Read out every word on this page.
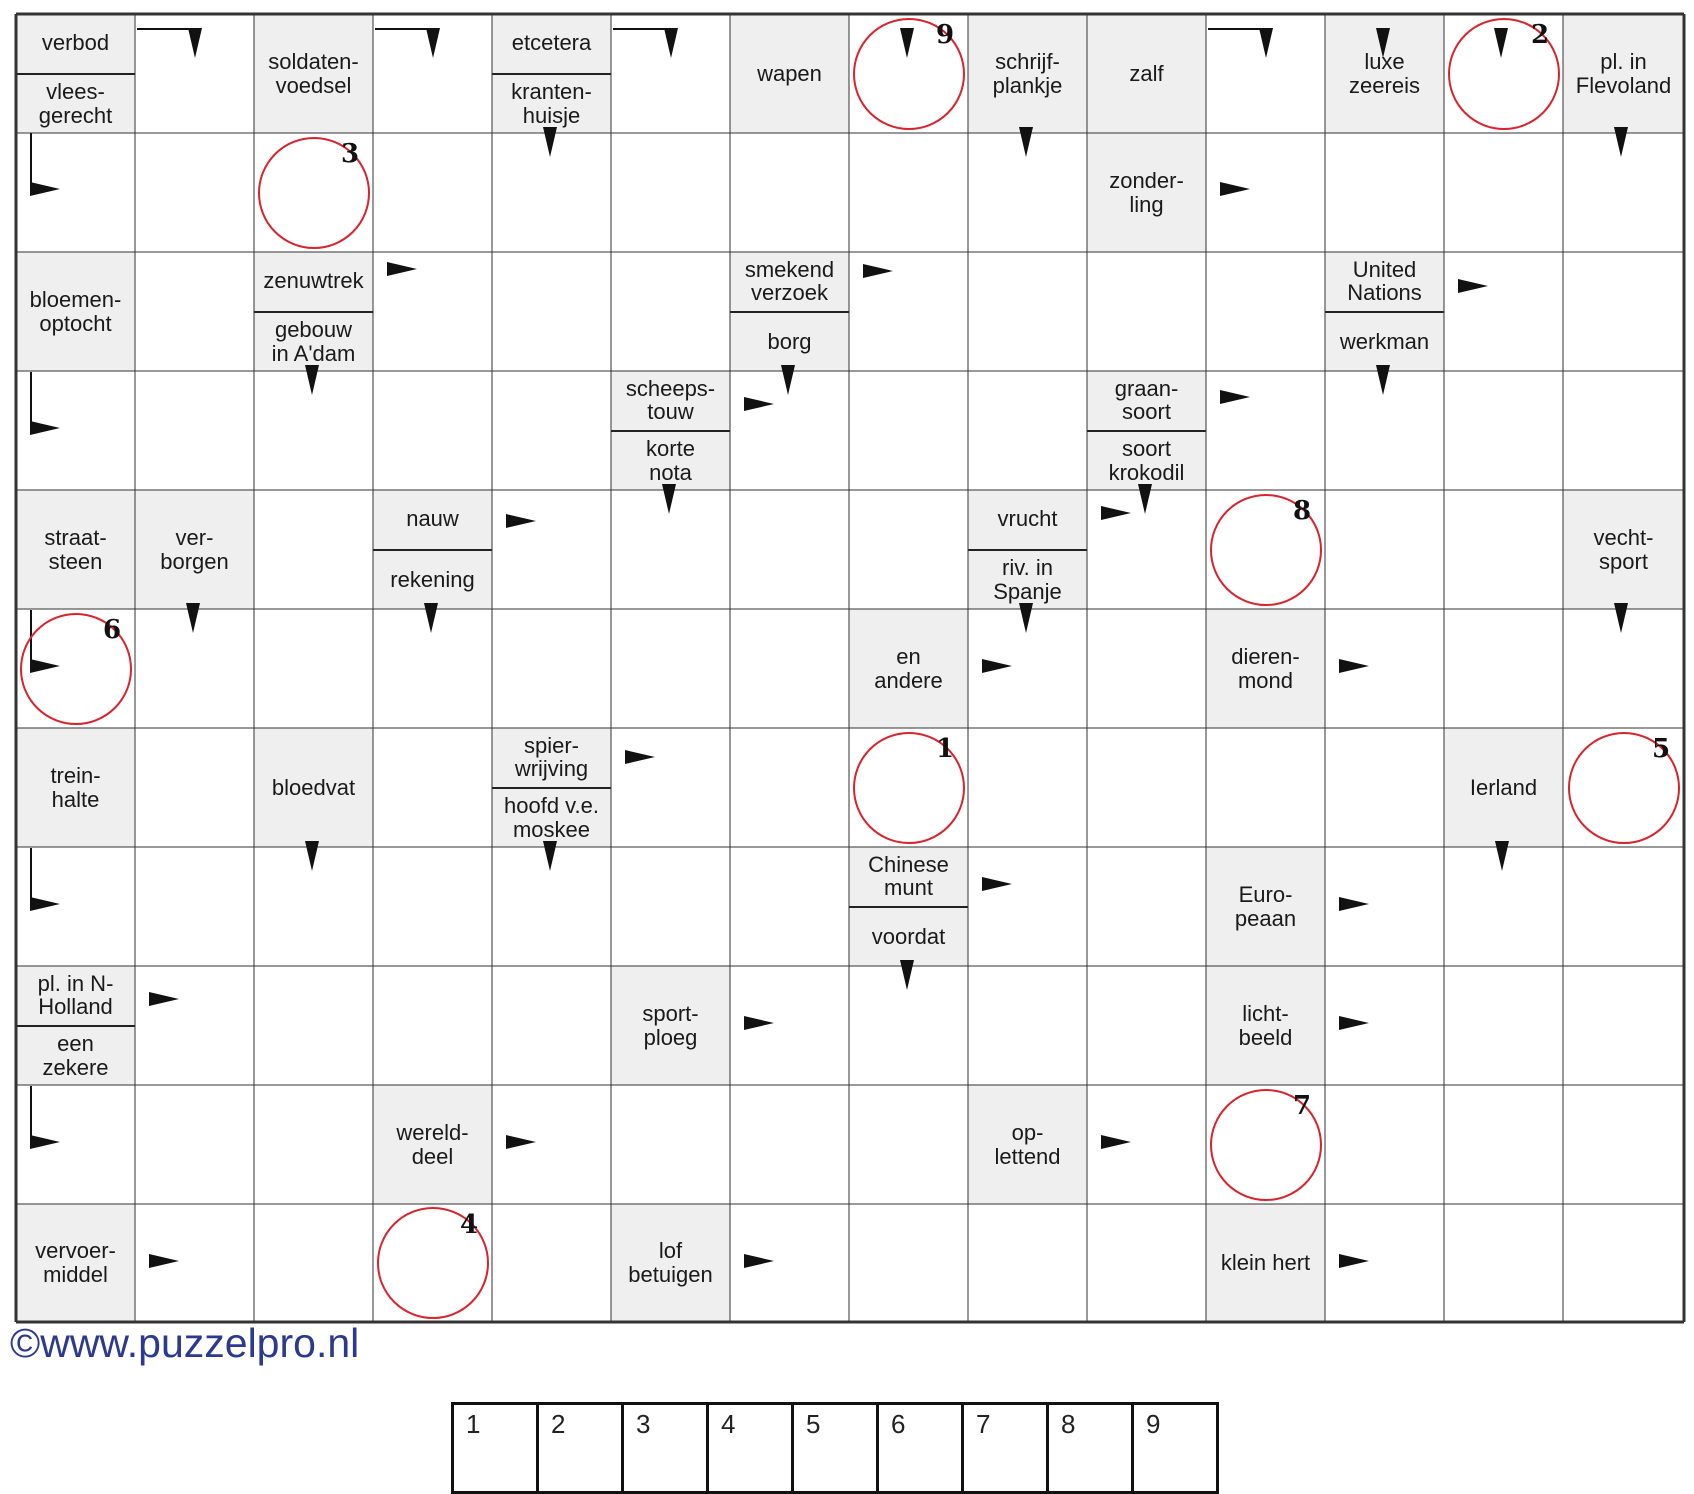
verbod
vlees-
gerecht
soldaten-
voedsel
etcetera
kranten-
huisje
wapen	schrijf-
plankje	zalf	luxe
zeereis
pl. in
Flevoland
zonder-
ling
bloemen-
optocht
zenuwtrek
gebouw
in A'dam
smekend
verzoek
borg
United
Nations
werkman
scheeps-
touw
korte
nota
graan-
soort
soort
krokodil
straat-
steen
ver-
borgen
nauw
rekening
vrucht
riv. in
Spanje
vecht-
sport
en
andere
dieren-
mond
trein-
halte	bloedvat
spier-
wrijving
hoofd v.e.
moskee
Ierland
Chinese
munt
voordat
Euro-
peaan
pl. in N-
Holland
een
zekere
sport-
ploeg
licht-
beeld
wereld-
deel
op-
lettend
vervoer-
middel
lof
betuigen	klein hert
1
2
3
4
5
6
7
8
9
©www.puzzelpro.nl
1	2	3	4	5	6	7	8	9
